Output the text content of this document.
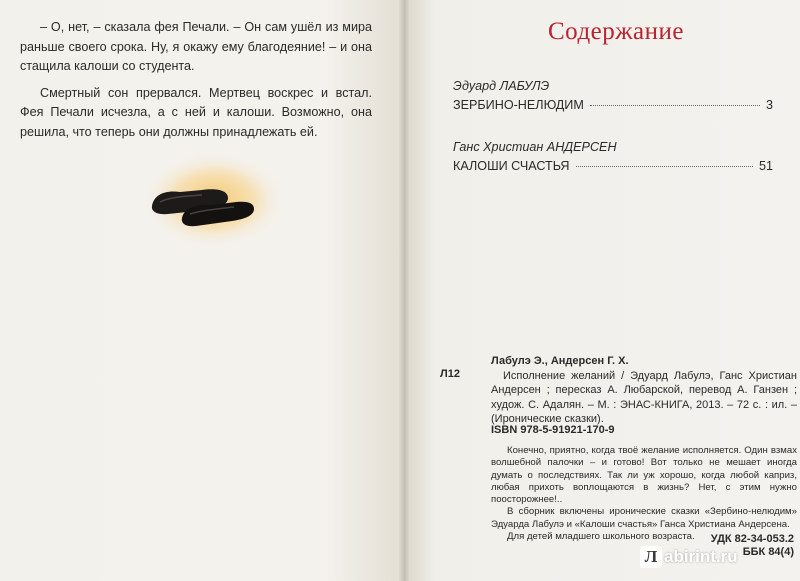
– О, нет, – сказала фея Печали. – Он сам ушёл из мира раньше своего срока. Ну, я окажу ему благодеяние! – и она стащила калоши со студента.

Смертный сон прервался. Мертвец воскрес и встал. Фея Печали исчезла, а с ней и калоши. Возможно, она решила, что теперь они должны принадлежать ей.

Содержание
Эдуард ЛАБУЛЭ
ЗЕРБИНО-НЕЛЮДИМ	3
Ганс Христиан АНДЕРСЕН
КАЛОШИ СЧАСТЬЯ	51
Л12
Лабулэ Э., Андерсен Г. Х.
Исполнение желаний / Эдуард Лабулэ, Ганс Христиан Андерсен ; пересказ А. Любарской, перевод А. Ганзен ; худож. С. Адалян. – М. : ЭНАС-КНИГА, 2013. – 72 с. : ил. – (Иронические сказки).
ISBN 978-5-91921-170-9

Конечно, приятно, когда твоё желание исполняется. Один взмах волшебной палочки – и готово! Вот только не мешает иногда думать о последствиях. Так ли уж хорошо, когда любой каприз, любая прихоть воплощаются в жизнь? Нет, с этим нужно поосторожнее!..

В сборник включены иронические сказки «Зербино-нелюдим» Эдуарда Лабулэ и «Калоши счастья» Ганса Христиана Андерсена.

Для детей младшего школьного возраста.	УДК 82-34-053.2
ББК 84(4)
Л abirint.ru
